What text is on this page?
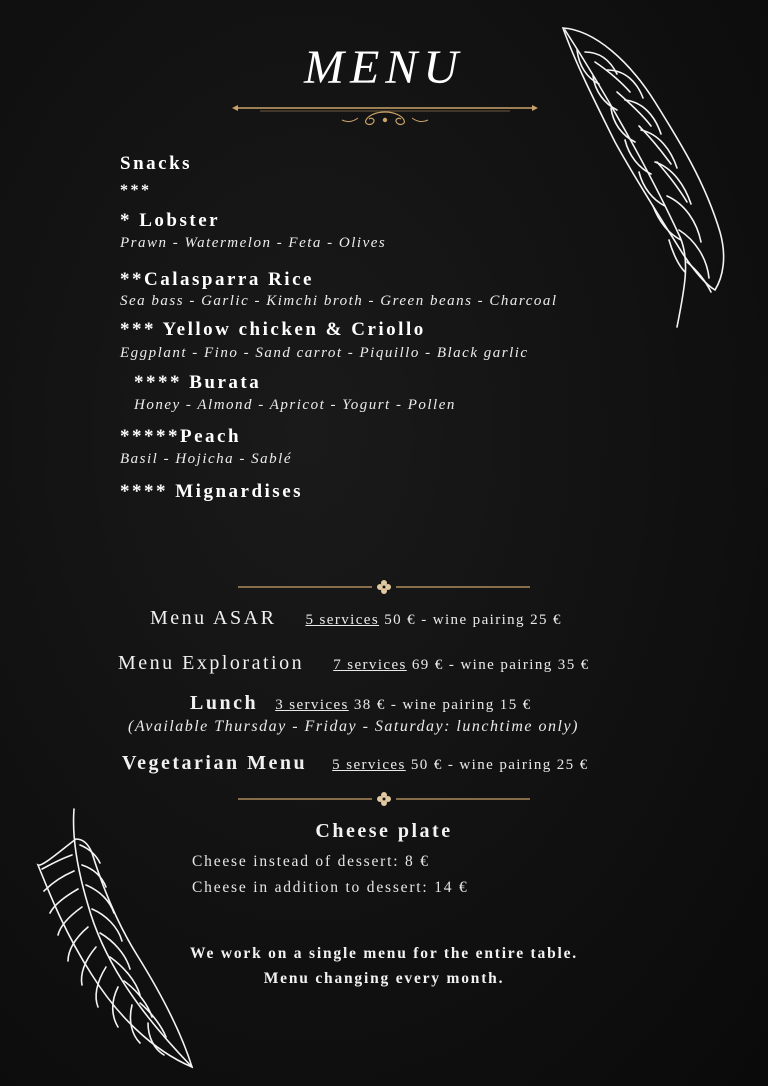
MENU
Snacks
***
* Lobster
Prawn - Watermelon - Feta - Olives
**Calasparra Rice
Sea bass - Garlic - Kimchi broth - Green beans - Charcoal
*** Yellow chicken & Criollo
Eggplant - Fino - Sand carrot - Piquillo - Black garlic
**** Burata
Honey - Almond - Apricot - Yogurt - Pollen
*****Peach
Basil - Hojicha - Sablé
**** Mignardises
Menu ASAR 5 services 50 € - wine pairing 25 €
Menu Exploration 7 services 69 € - wine pairing 35 €
Lunch 3 services 38 € - wine pairing 15 €
(Available Thursday - Friday - Saturday: lunchtime only)
Vegetarian Menu 5 services 50 € - wine pairing 25 €
Cheese plate
Cheese instead of dessert: 8 €
Cheese in addition to dessert: 14 €
We work on a single menu for the entire table.
Menu changing every month.
